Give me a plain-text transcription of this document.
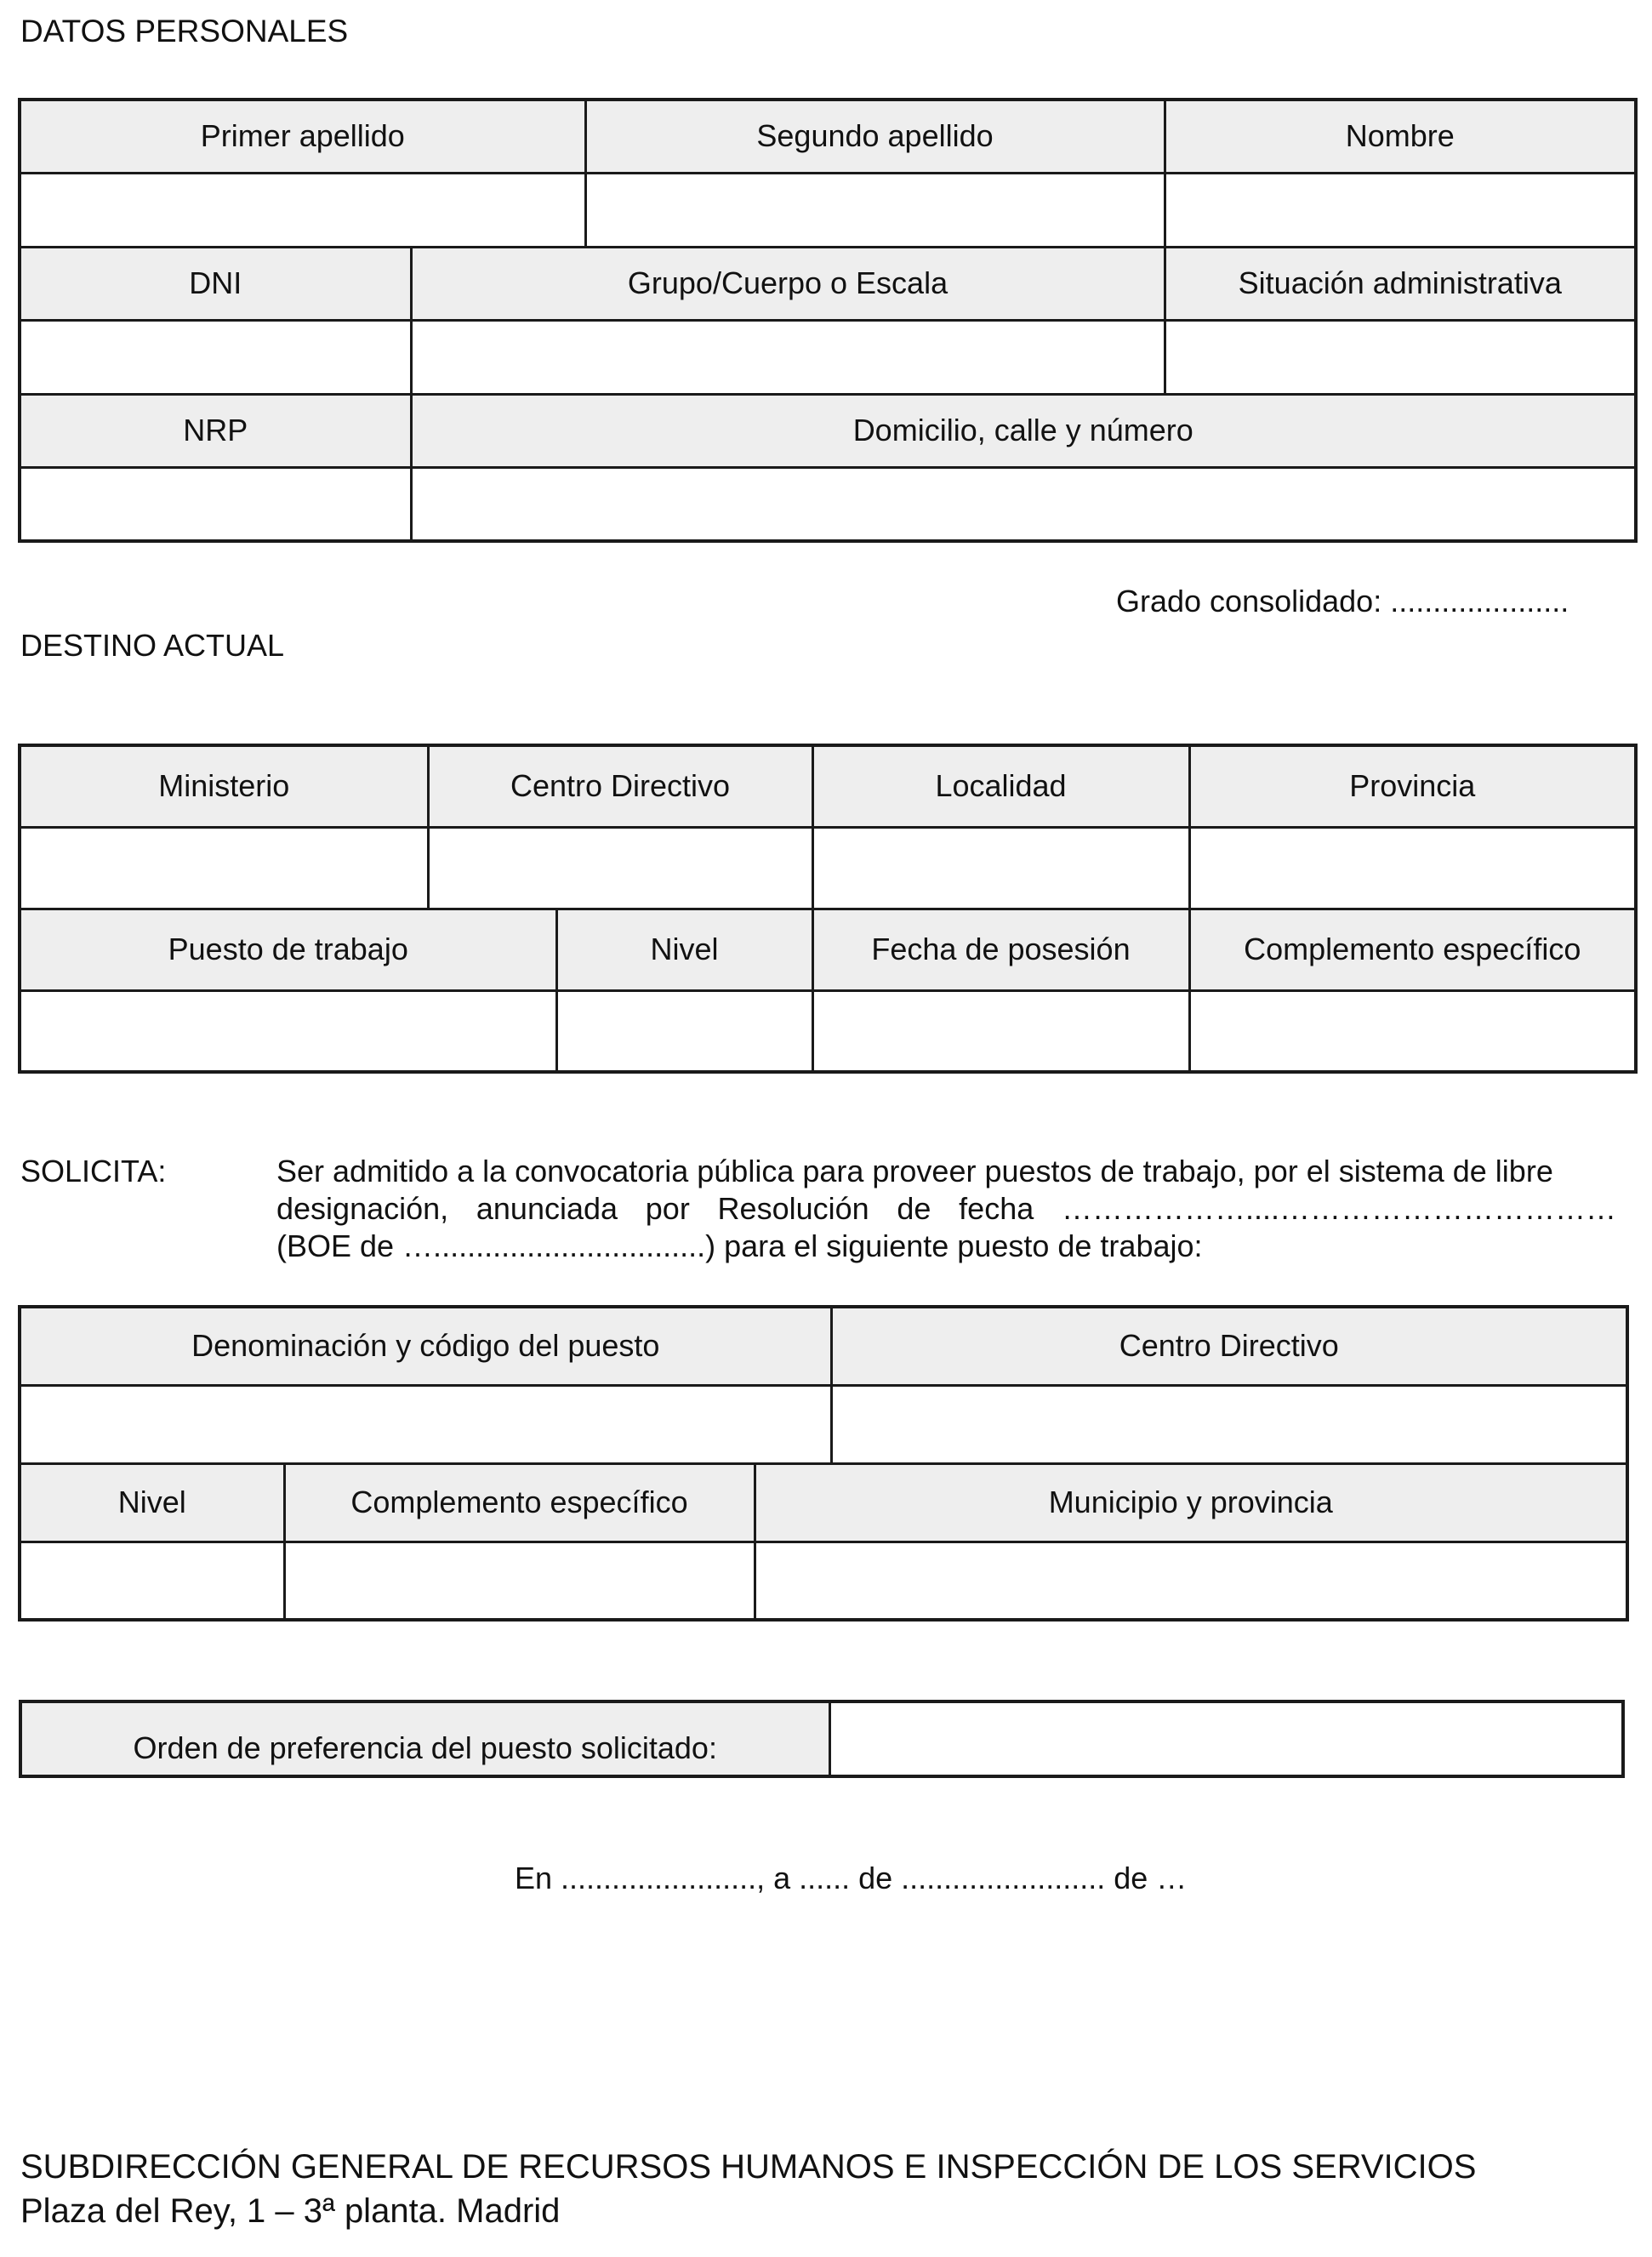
DATOS PERSONALES
Primer apellido		Segundo apellido	Nombre

DNI	Grupo/Cuerpo o Escala		Situación administrativa

NRP	Domicilio, calle y número		

Grado consolidado: .....................
DESTINO ACTUAL
Ministerio	Centro Directivo		Localidad	Provincia

Puesto de trabajo		Nivel	Fecha de posesión	Complemento específico

SOLICITA:	Ser admitido a la convocatoria pública para proveer puestos de trabajo, por el sistema de libre
designación, anunciada por Resolución de fecha ………………....……………………………
(BOE de …................................) para el siguiente puesto de trabajo:
Denominación y código del puesto			Centro Directivo

Nivel	Complemento específico	Municipio y provincia	

Orden de preferencia del puesto solicitado:	
En ......................., a ...... de ........................ de …
SUBDIRECCIÓN GENERAL DE RECURSOS HUMANOS E INSPECCIÓN DE LOS SERVICIOS
Plaza del Rey, 1 – 3ª planta. Madrid
